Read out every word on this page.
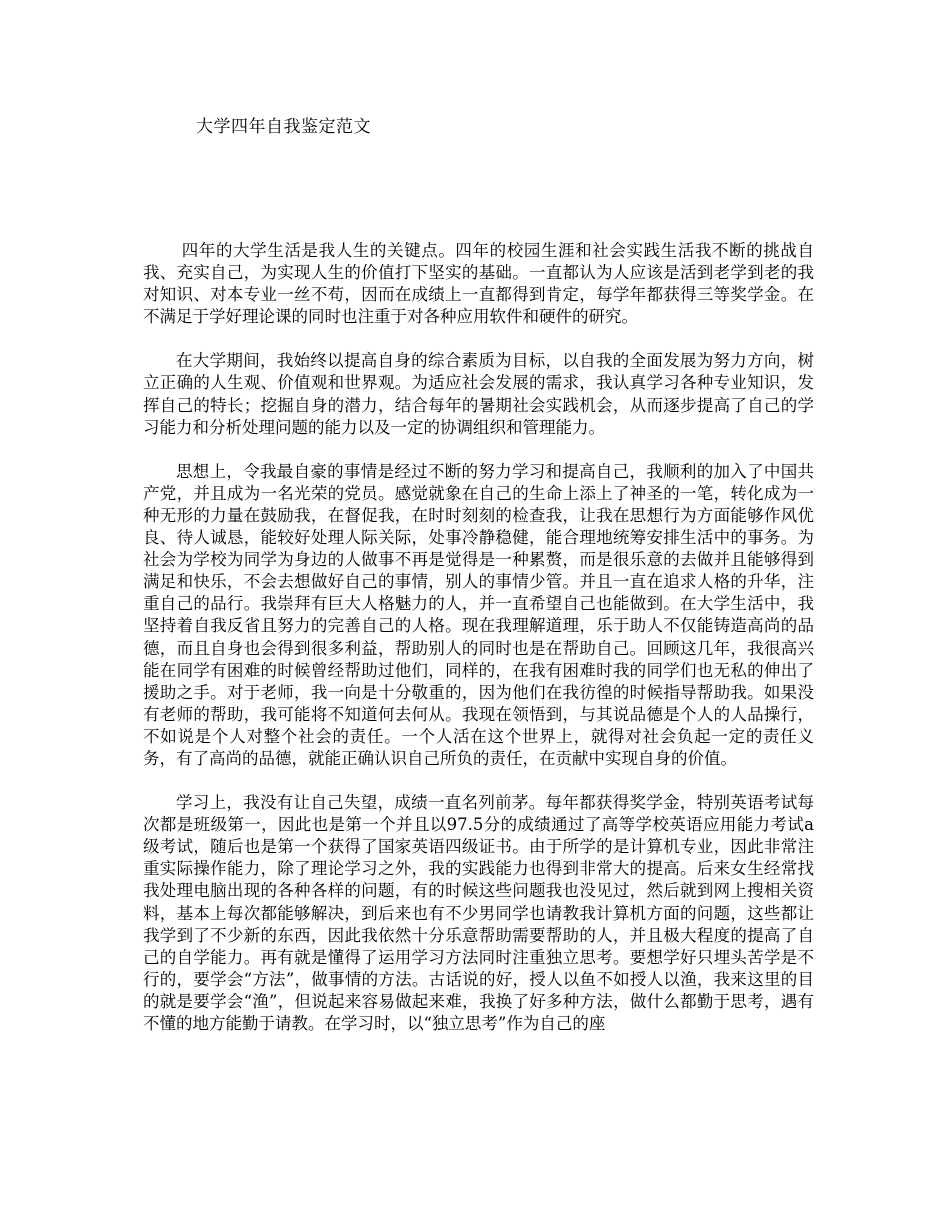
大学四年自我鉴定范文

四年的大学生活是我人生的关键点。四年的校园生涯和社会实践生活我不断的挑战自我、充实自己，为实现人生的价值打下坚实的基础。一直都认为人应该是活到老学到老的我对知识、对本专业一丝不苟，因而在成绩上一直都得到肯定，每学年都获得三等奖学金。在不满足于学好理论课的同时也注重于对各种应用软件和硬件的研究。

在大学期间，我始终以提高自身的综合素质为目标，以自我的全面发展为努力方向，树立正确的人生观、价值观和世界观。为适应社会发展的需求，我认真学习各种专业知识，发挥自己的特长；挖掘自身的潜力，结合每年的暑期社会实践机会，从而逐步提高了自己的学习能力和分析处理问题的能力以及一定的协调组织和管理能力。

思想上，令我最自豪的事情是经过不断的努力学习和提高自己，我顺利的加入了中国共产党，并且成为一名光荣的党员。感觉就象在自己的生命上添上了神圣的一笔，转化成为一种无形的力量在鼓励我，在督促我，在时时刻刻的检查我，让我在思想行为方面能够作风优良、待人诚恳，能较好处理人际关际，处事冷静稳健，能合理地统筹安排生活中的事务。为社会为学校为同学为身边的人做事不再是觉得是一种累赘，而是很乐意的去做并且能够得到满足和快乐，不会去想做好自己的事情，别人的事情少管。并且一直在追求人格的升华，注重自己的品行。我崇拜有巨大人格魅力的人，并一直希望自己也能做到。在大学生活中，我坚持着自我反省且努力的完善自己的人格。现在我理解道理，乐于助人不仅能铸造高尚的品德，而且自身也会得到很多利益，帮助别人的同时也是在帮助自己。回顾这几年，我很高兴能在同学有困难的时候曾经帮助过他们，同样的，在我有困难时我的同学们也无私的伸出了援助之手。对于老师，我一向是十分敬重的，因为他们在我彷徨的时候指导帮助我。如果没有老师的帮助，我可能将不知道何去何从。我现在领悟到，与其说品德是个人的人品操行，不如说是个人对整个社会的责任。一个人活在这个世界上，就得对社会负起一定的责任义务，有了高尚的品德，就能正确认识自己所负的责任，在贡献中实现自身的价值。

学习上，我没有让自己失望，成绩一直名列前茅。每年都获得奖学金，特别英语考试每次都是班级第一，因此也是第一个并且以97.5分的成绩通过了高等学校英语应用能力考试a级考试，随后也是第一个获得了国家英语四级证书。由于所学的是计算机专业，因此非常注重实际操作能力，除了理论学习之外，我的实践能力也得到非常大的提高。后来女生经常找我处理电脑出现的各种各样的问题，有的时候这些问题我也没见过，然后就到网上搜相关资料，基本上每次都能够解决，到后来也有不少男同学也请教我计算机方面的问题，这些都让我学到了不少新的东西，因此我依然十分乐意帮助需要帮助的人，并且极大程度的提高了自己的自学能力。再有就是懂得了运用学习方法同时注重独立思考。要想学好只埋头苦学是不行的，要学会“方法”，做事情的方法。古话说的好，授人以鱼不如授人以渔，我来这里的目的就是要学会“渔”，但说起来容易做起来难，我换了好多种方法，做什么都勤于思考，遇有不懂的地方能勤于请教。在学习时，以“独立思考”作为自己的座
